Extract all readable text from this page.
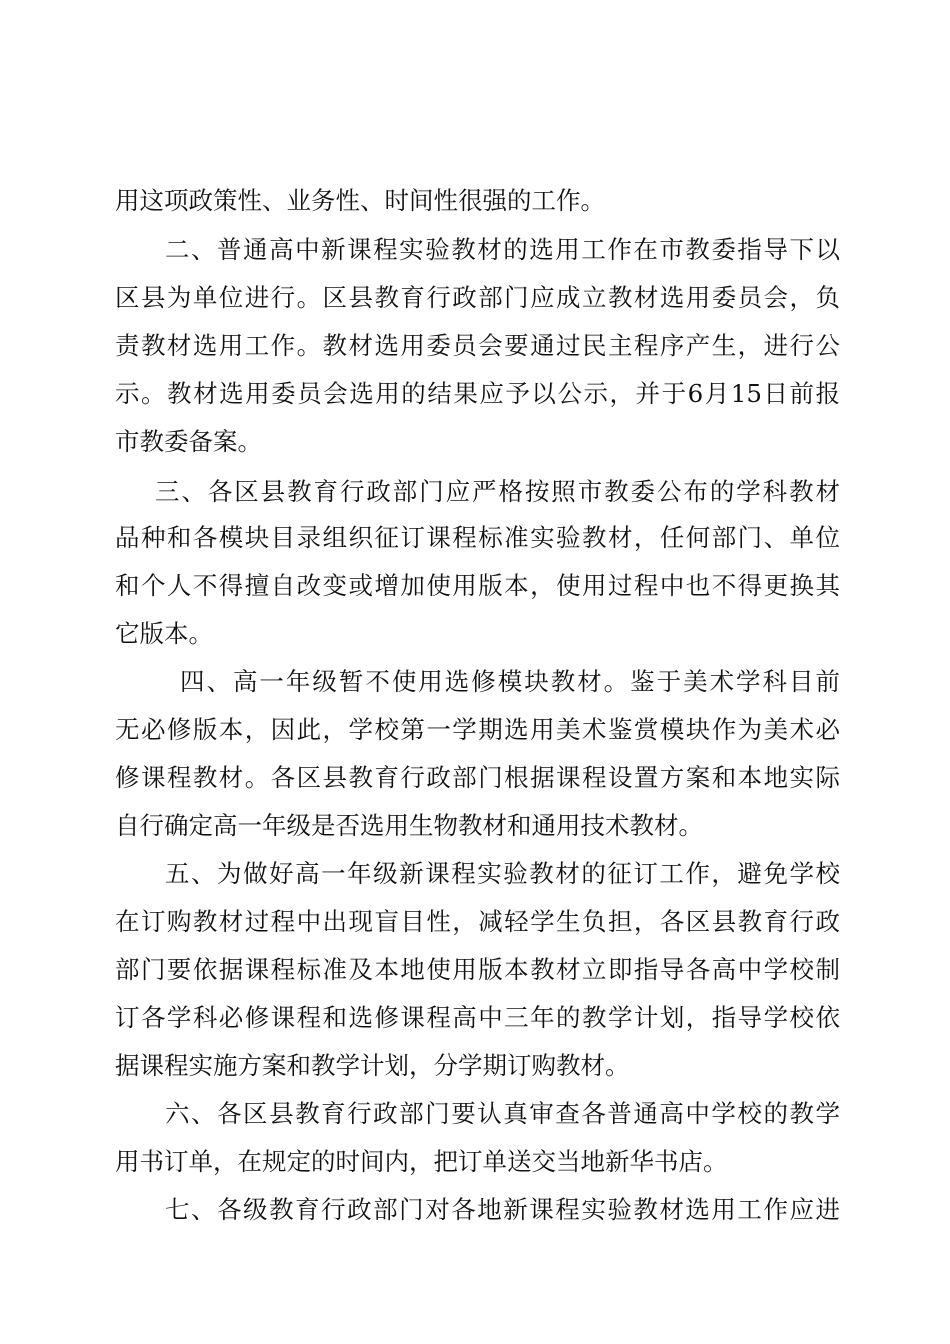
用这项政策性、业务性、时间性很强的工作。
二、普通高中新课程实验教材的选用工作在市教委指导下以
区县为单位进行。区县教育行政部门应成立教材选用委员会，负
责教材选用工作。教材选用委员会要通过民主程序产生，进行公
示。教材选用委员会选用的结果应予以公示，并于6月15日前报
市教委备案。
三、各区县教育行政部门应严格按照市教委公布的学科教材
品种和各模块目录组织征订课程标准实验教材，任何部门、单位
和个人不得擅自改变或增加使用版本，使用过程中也不得更换其
它版本。
四、高一年级暂不使用选修模块教材。鉴于美术学科目前
无必修版本，因此，学校第一学期选用美术鉴赏模块作为美术必
修课程教材。各区县教育行政部门根据课程设置方案和本地实际
自行确定高一年级是否选用生物教材和通用技术教材。
五、为做好高一年级新课程实验教材的征订工作，避免学校
在订购教材过程中出现盲目性，减轻学生负担，各区县教育行政
部门要依据课程标准及本地使用版本教材立即指导各高中学校制
订各学科必修课程和选修课程高中三年的教学计划，指导学校依
据课程实施方案和教学计划，分学期订购教材。
六、各区县教育行政部门要认真审查各普通高中学校的教学
用书订单，在规定的时间内，把订单送交当地新华书店。
七、各级教育行政部门对各地新课程实验教材选用工作应进
